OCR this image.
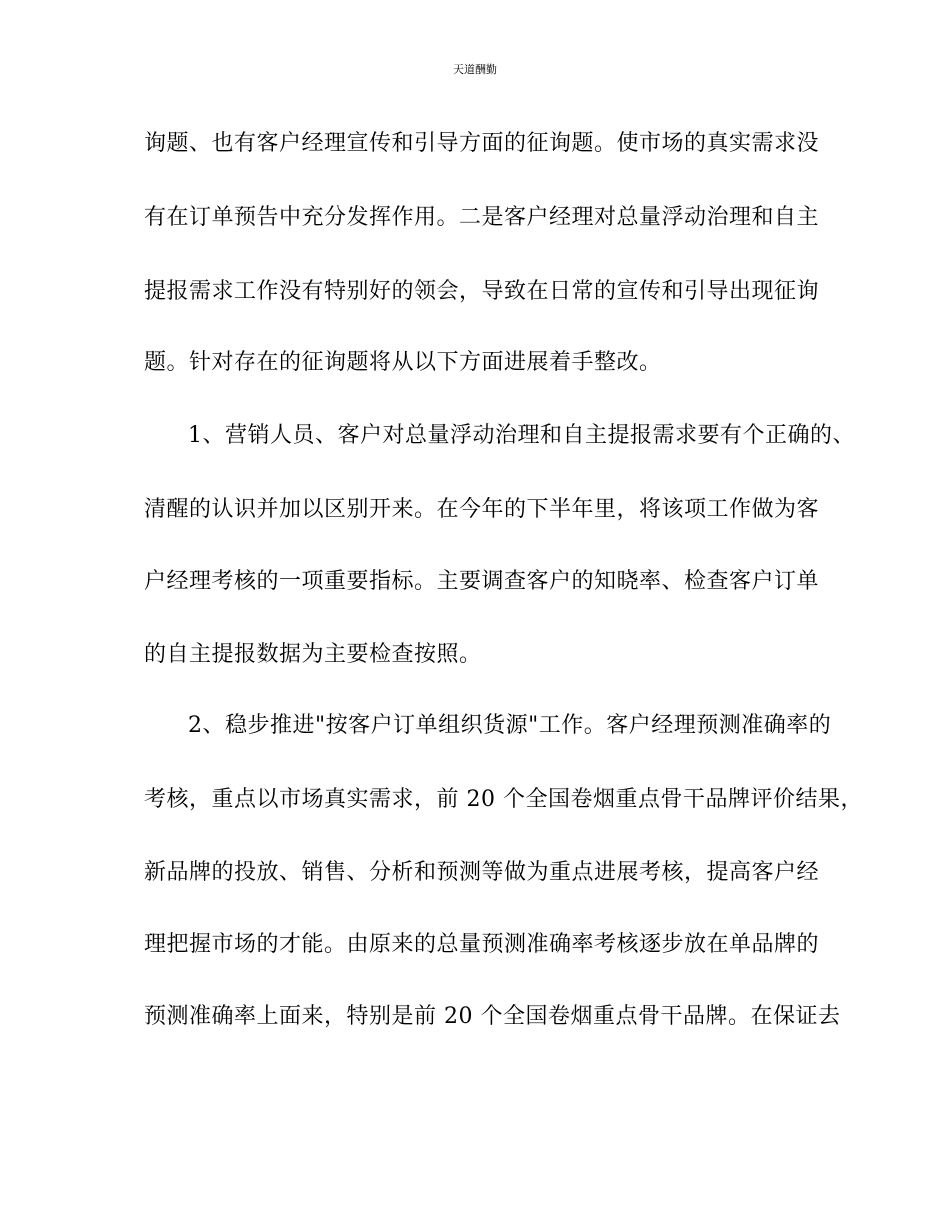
天道酬勤
询题、也有客户经理宣传和引导方面的征询题。使市场的真实需求没
有在订单预告中充分发挥作用。二是客户经理对总量浮动治理和自主
提报需求工作没有特别好的领会，导致在日常的宣传和引导出现征询
题。针对存在的征询题将从以下方面进展着手整改。
1、营销人员、客户对总量浮动治理和自主提报需求要有个正确的、
清醒的认识并加以区别开来。在今年的下半年里，将该项工作做为客
户经理考核的一项重要指标。主要调查客户的知晓率、检查客户订单
的自主提报数据为主要检查按照。
2、稳步推进"按客户订单组织货源"工作。客户经理预测准确率的
考核，重点以市场真实需求，前 20 个全国卷烟重点骨干品牌评价结果，
新品牌的投放、销售、分析和预测等做为重点进展考核，提高客户经
理把握市场的才能。由原来的总量预测准确率考核逐步放在单品牌的
预测准确率上面来，特别是前 20 个全国卷烟重点骨干品牌。在保证去
